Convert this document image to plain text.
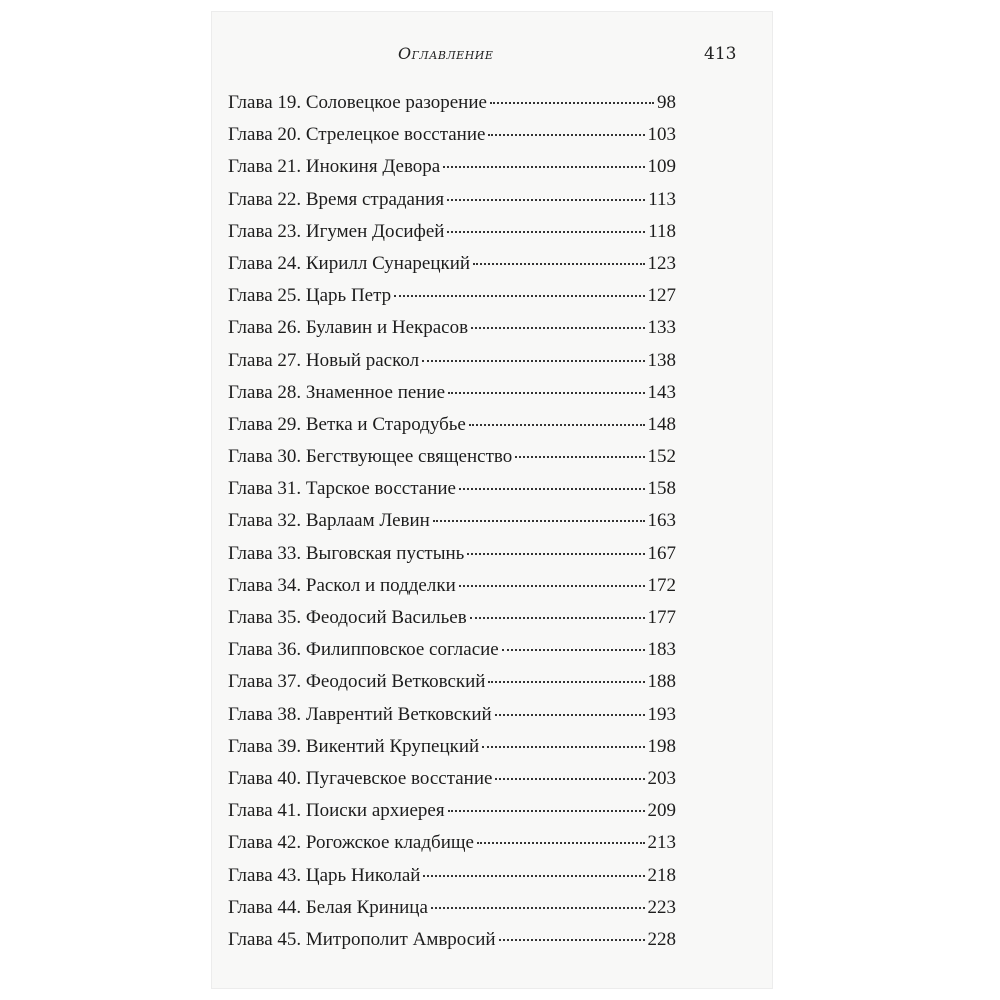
Оглавление	413
Глава 19. Соловецкое разорение	98
Глава 20. Стрелецкое восстание	103
Глава 21. Инокиня Девора	109
Глава 22. Время страдания	113
Глава 23. Игумен Досифей	118
Глава 24. Кирилл Сунарецкий	123
Глава 25. Царь Петр	127
Глава 26. Булавин и Некрасов	133
Глава 27. Новый раскол	138
Глава 28. Знаменное пение	143
Глава 29. Ветка и Стародубье	148
Глава 30. Бегствующее священство	152
Глава 31. Тарское восстание	158
Глава 32. Варлаам Левин	163
Глава 33. Выговская пустынь	167
Глава 34. Раскол и подделки	172
Глава 35. Феодосий Васильев	177
Глава 36. Филипповское согласие	183
Глава 37. Феодосий Ветковский	188
Глава 38. Лаврентий Ветковский	193
Глава 39. Викентий Крупецкий	198
Глава 40. Пугачевское восстание	203
Глава 41. Поиски архиерея	209
Глава 42. Рогожское кладбище	213
Глава 43. Царь Николай	218
Глава 44. Белая Криница	223
Глава 45. Митрополит Амвросий	228
